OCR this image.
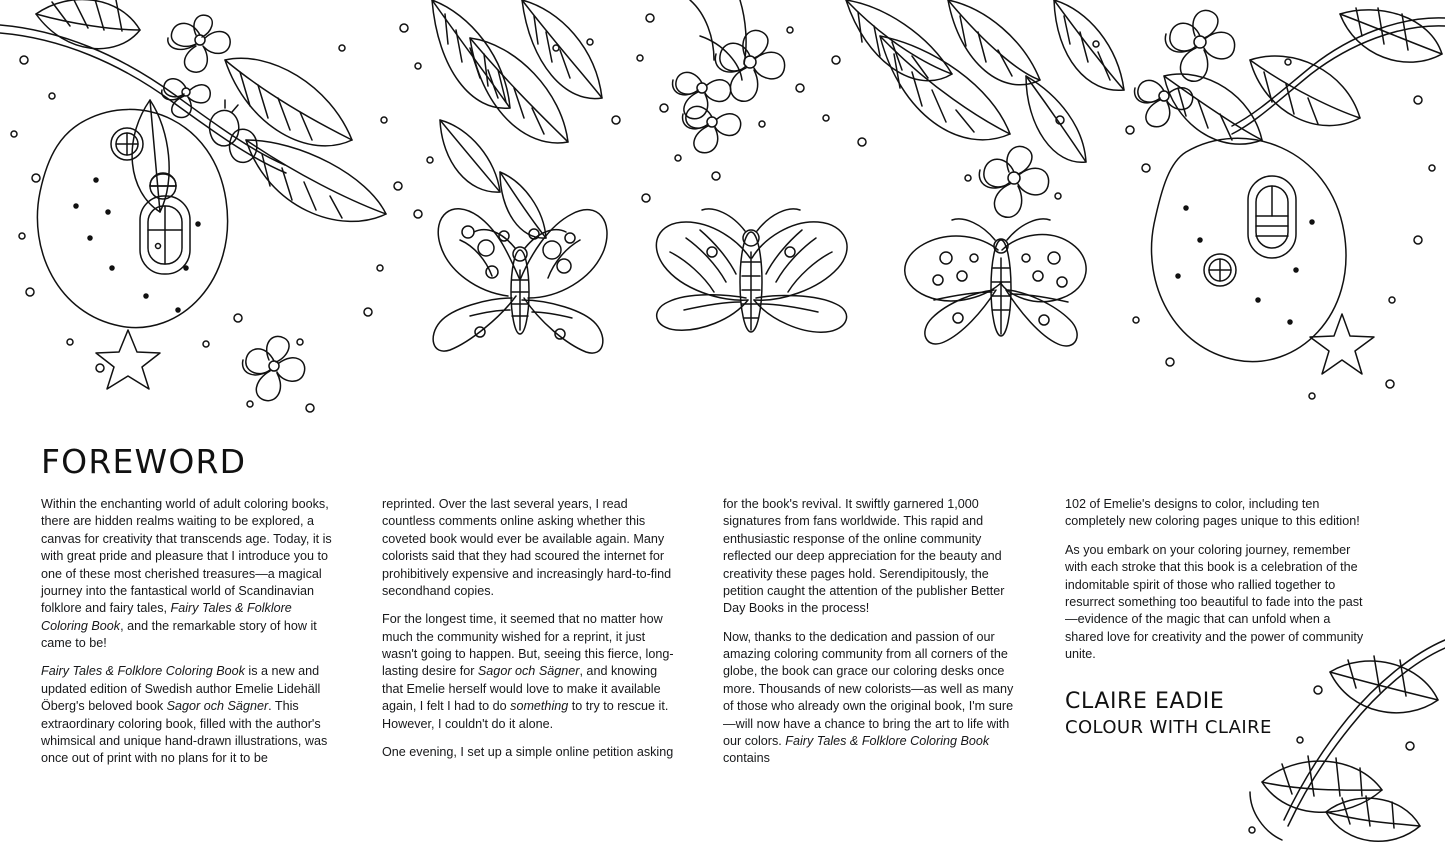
FOREWORD

Within the enchanting world of adult coloring books, there are hidden realms waiting to be explored, a canvas for creativity that transcends age. Today, it is with great pride and pleasure that I introduce you to one of these most cherished treasures—a magical journey into the fantastical world of Scandinavian folklore and fairy tales, Fairy Tales & Folklore Coloring Book, and the remarkable story of how it came to be!

Fairy Tales & Folklore Coloring Book is a new and updated edition of Swedish author Emelie Lidehäll Öberg's beloved book Sagor och Sägner. This extraordinary coloring book, filled with the author's whimsical and unique hand-drawn illustrations, was once out of print with no plans for it to be

reprinted. Over the last several years, I read countless comments online asking whether this coveted book would ever be available again. Many colorists said that they had scoured the internet for prohibitively expensive and increasingly hard-to-find secondhand copies.

For the longest time, it seemed that no matter how much the community wished for a reprint, it just wasn't going to happen. But, seeing this fierce, long-lasting desire for Sagor och Sägner, and knowing that Emelie herself would love to make it available again, I felt I had to do something to try to rescue it. However, I couldn't do it alone.

One evening, I set up a simple online petition asking

for the book's revival. It swiftly garnered 1,000 signatures from fans worldwide. This rapid and enthusiastic response of the online community reflected our deep appreciation for the beauty and creativity these pages hold. Serendipitously, the petition caught the attention of the publisher Better Day Books in the process!

Now, thanks to the dedication and passion of our amazing coloring community from all corners of the globe, the book can grace our coloring desks once more. Thousands of new colorists—as well as many of those who already own the original book, I'm sure—will now have a chance to bring the art to life with our colors. Fairy Tales & Folklore Coloring Book contains

102 of Emelie's designs to color, including ten completely new coloring pages unique to this edition!

As you embark on your coloring journey, remember with each stroke that this book is a celebration of the indomitable spirit of those who rallied together to resurrect something too beautiful to fade into the past—evidence of the magic that can unfold when a shared love for creativity and the power of community unite.

CLAIRE EADIE
COLOUR WITH CLAIRE
